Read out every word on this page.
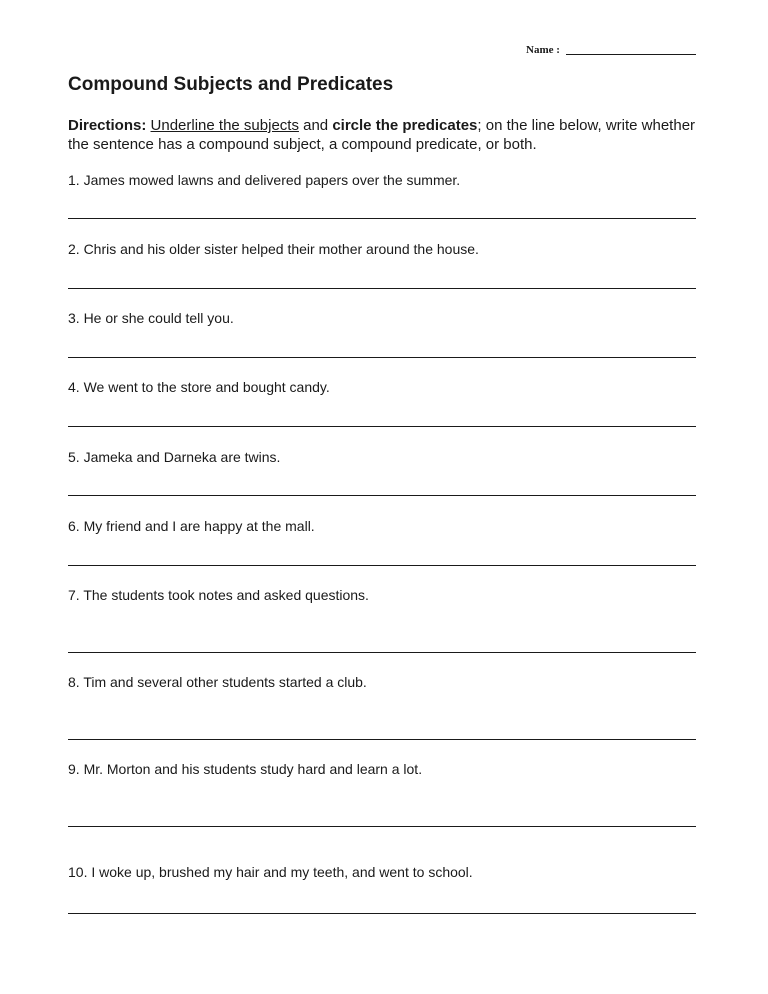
Name :
Compound Subjects and Predicates

Directions: Underline the subjects and circle the predicates; on the line below, write whether the sentence has a compound subject, a compound predicate, or both.

1. James mowed lawns and delivered papers over the summer.

2. Chris and his older sister helped their mother around the house.

3. He or she could tell you.

4. We went to the store and bought candy.

5. Jameka and Darneka are twins.

6. My friend and I are happy at the mall.

7. The students took notes and asked questions.

8. Tim and several other students started a club.

9. Mr. Morton and his students study hard and learn a lot.

10. I woke up, brushed my hair and my teeth, and went to school.
